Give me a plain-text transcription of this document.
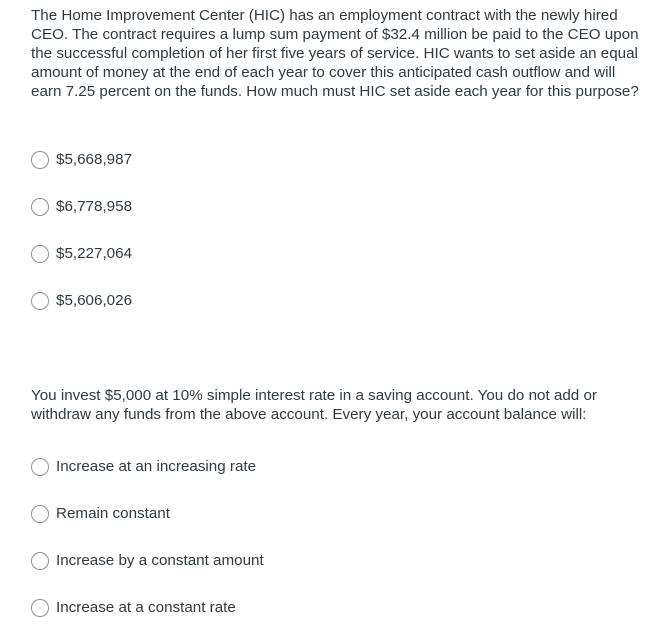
The Home Improvement Center (HIC) has an employment contract with the newly hired CEO. The contract requires a lump sum payment of $32.4 million be paid to the CEO upon the successful completion of her first five years of service. HIC wants to set aside an equal amount of money at the end of each year to cover this anticipated cash outflow and will earn 7.25 percent on the funds. How much must HIC set aside each year for this purpose?

$5,668,987
$6,778,958
$5,227,064
$5,606,026

You invest $5,000 at 10% simple interest rate in a saving account. You do not add or withdraw any funds from the above account. Every year, your account balance will:

Increase at an increasing rate
Remain constant
Increase by a constant amount
Increase at a constant rate
